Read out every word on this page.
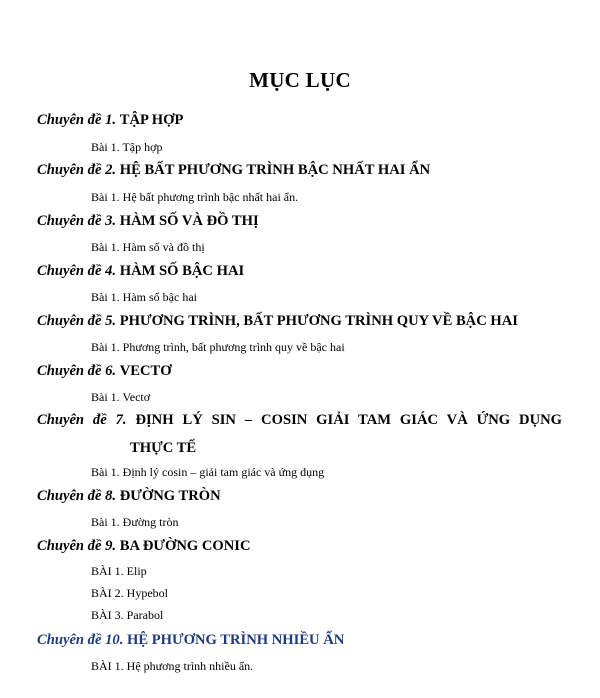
MỤC LỤC
Chuyên đề 1. TẬP HỢP
Bài 1. Tập hợp
Chuyên đề 2. HỆ BẤT PHƯƠNG TRÌNH BẬC NHẤT HAI ẨN
Bài 1. Hệ bất phương trình bậc nhất hai ẩn.
Chuyên đề 3. HÀM SỐ VÀ ĐỒ THỊ
Bài 1. Hàm số và đồ thị
Chuyên đề 4. HÀM SỐ BẬC HAI
Bài 1. Hàm số bậc hai
Chuyên đề 5. PHƯƠNG TRÌNH, BẤT PHƯƠNG TRÌNH QUY VỀ BẬC HAI
Bài 1. Phương trình, bất phương trình quy về bậc hai
Chuyên đề 6. VECTƠ
Bài 1. Vectơ
Chuyên đề 7. ĐỊNH LÝ SIN – COSIN GIẢI TAM GIÁC VÀ ỨNG DỤNG
THỰC TẾ
Bài 1. Định lý cosin – giải tam giác và ứng dụng
Chuyên đề 8. ĐƯỜNG TRÒN
Bài 1. Đường tròn
Chuyên đề 9. BA ĐƯỜNG CONIC
BÀI 1. Elip
BÀI 2. Hypebol
BÀI 3. Parabol
Chuyên đề 10. HỆ PHƯƠNG TRÌNH NHIỀU ẨN
BÀI 1. Hệ phương trình nhiều ẩn.
